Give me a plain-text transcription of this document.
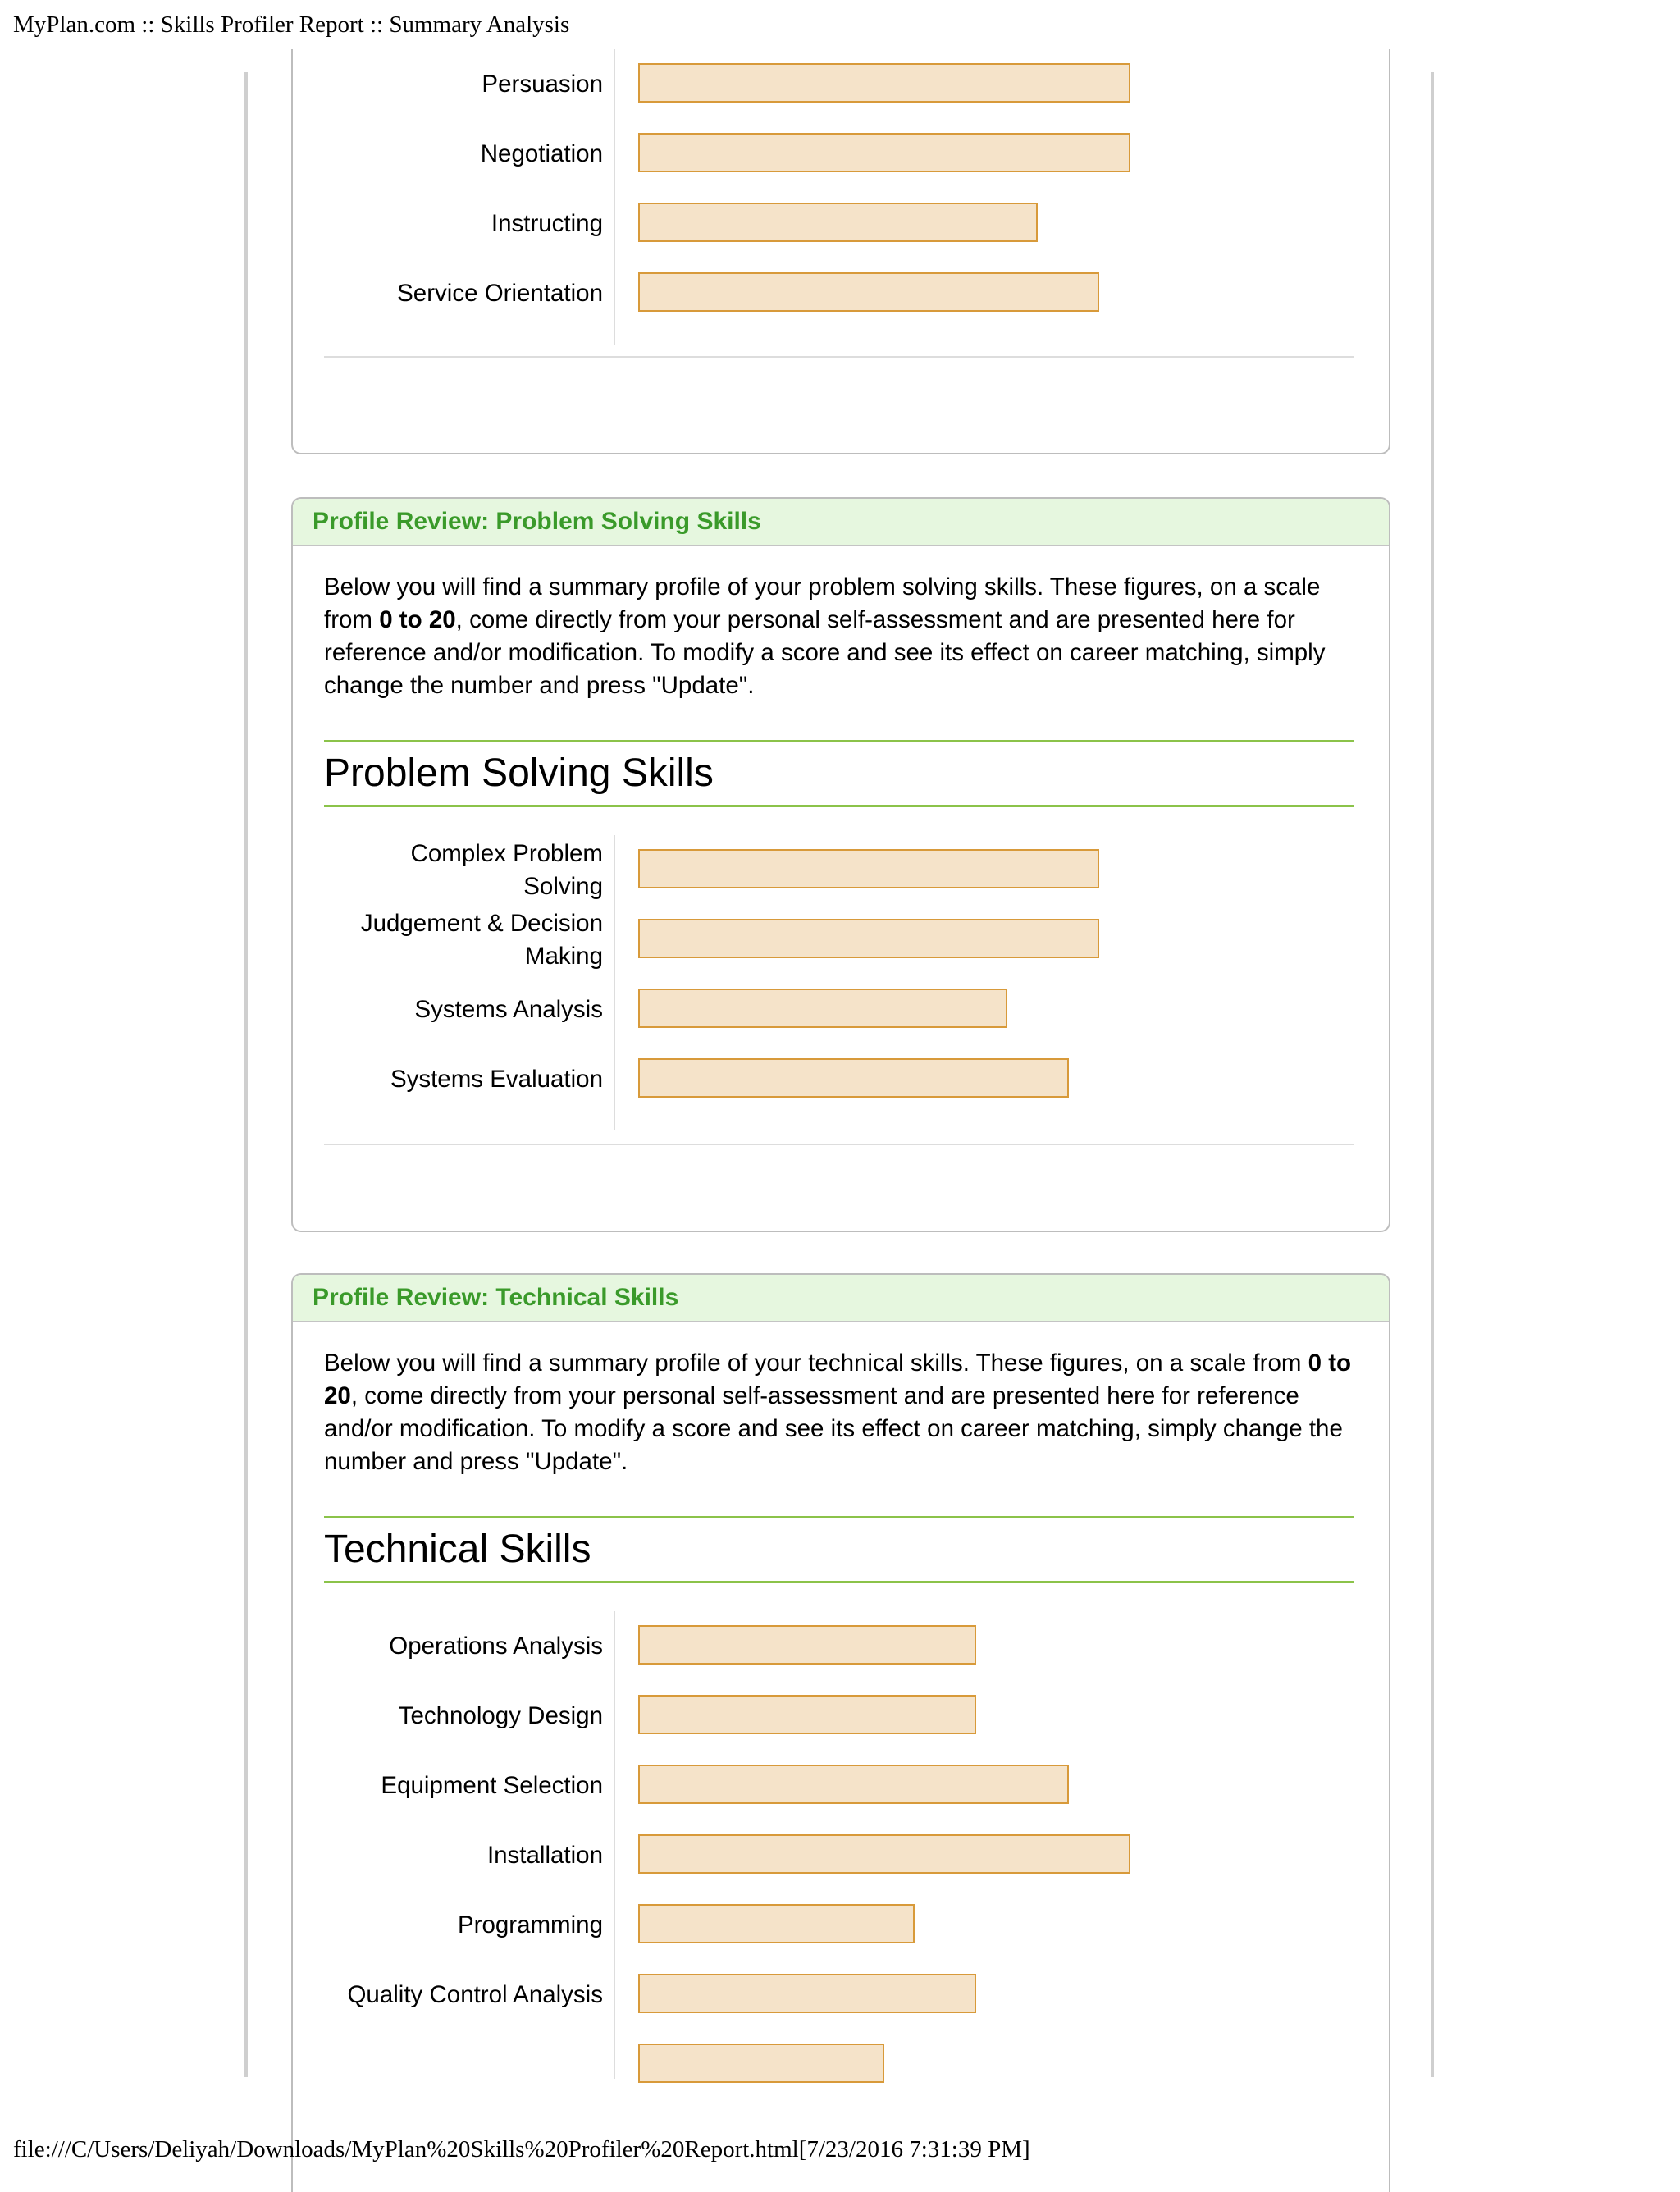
MyPlan.com :: Skills Profiler Report :: Summary Analysis
Persuasion
Negotiation
Instructing
Service Orientation
Profile Review: Problem Solving Skills
Below you will find a summary profile of your problem solving skills. These figures, on a scale from 0 to 20, come directly from your personal self-assessment and are presented here for reference and/or modification. To modify a score and see its effect on career matching, simply change the number and press "Update".
Problem Solving Skills
Complex Problem Solving
Judgement & Decision Making
Systems Analysis
Systems Evaluation
Profile Review: Technical Skills
Below you will find a summary profile of your technical skills. These figures, on a scale from 0 to 20, come directly from your personal self-assessment and are presented here for reference and/or modification. To modify a score and see its effect on career matching, simply change the number and press "Update".
Technical Skills
Operations Analysis
Technology Design
Equipment Selection
Installation
Programming
Quality Control Analysis
file:///C/Users/Deliyah/Downloads/MyPlan%20Skills%20Profiler%20Report.html[7/23/2016 7:31:39 PM]
